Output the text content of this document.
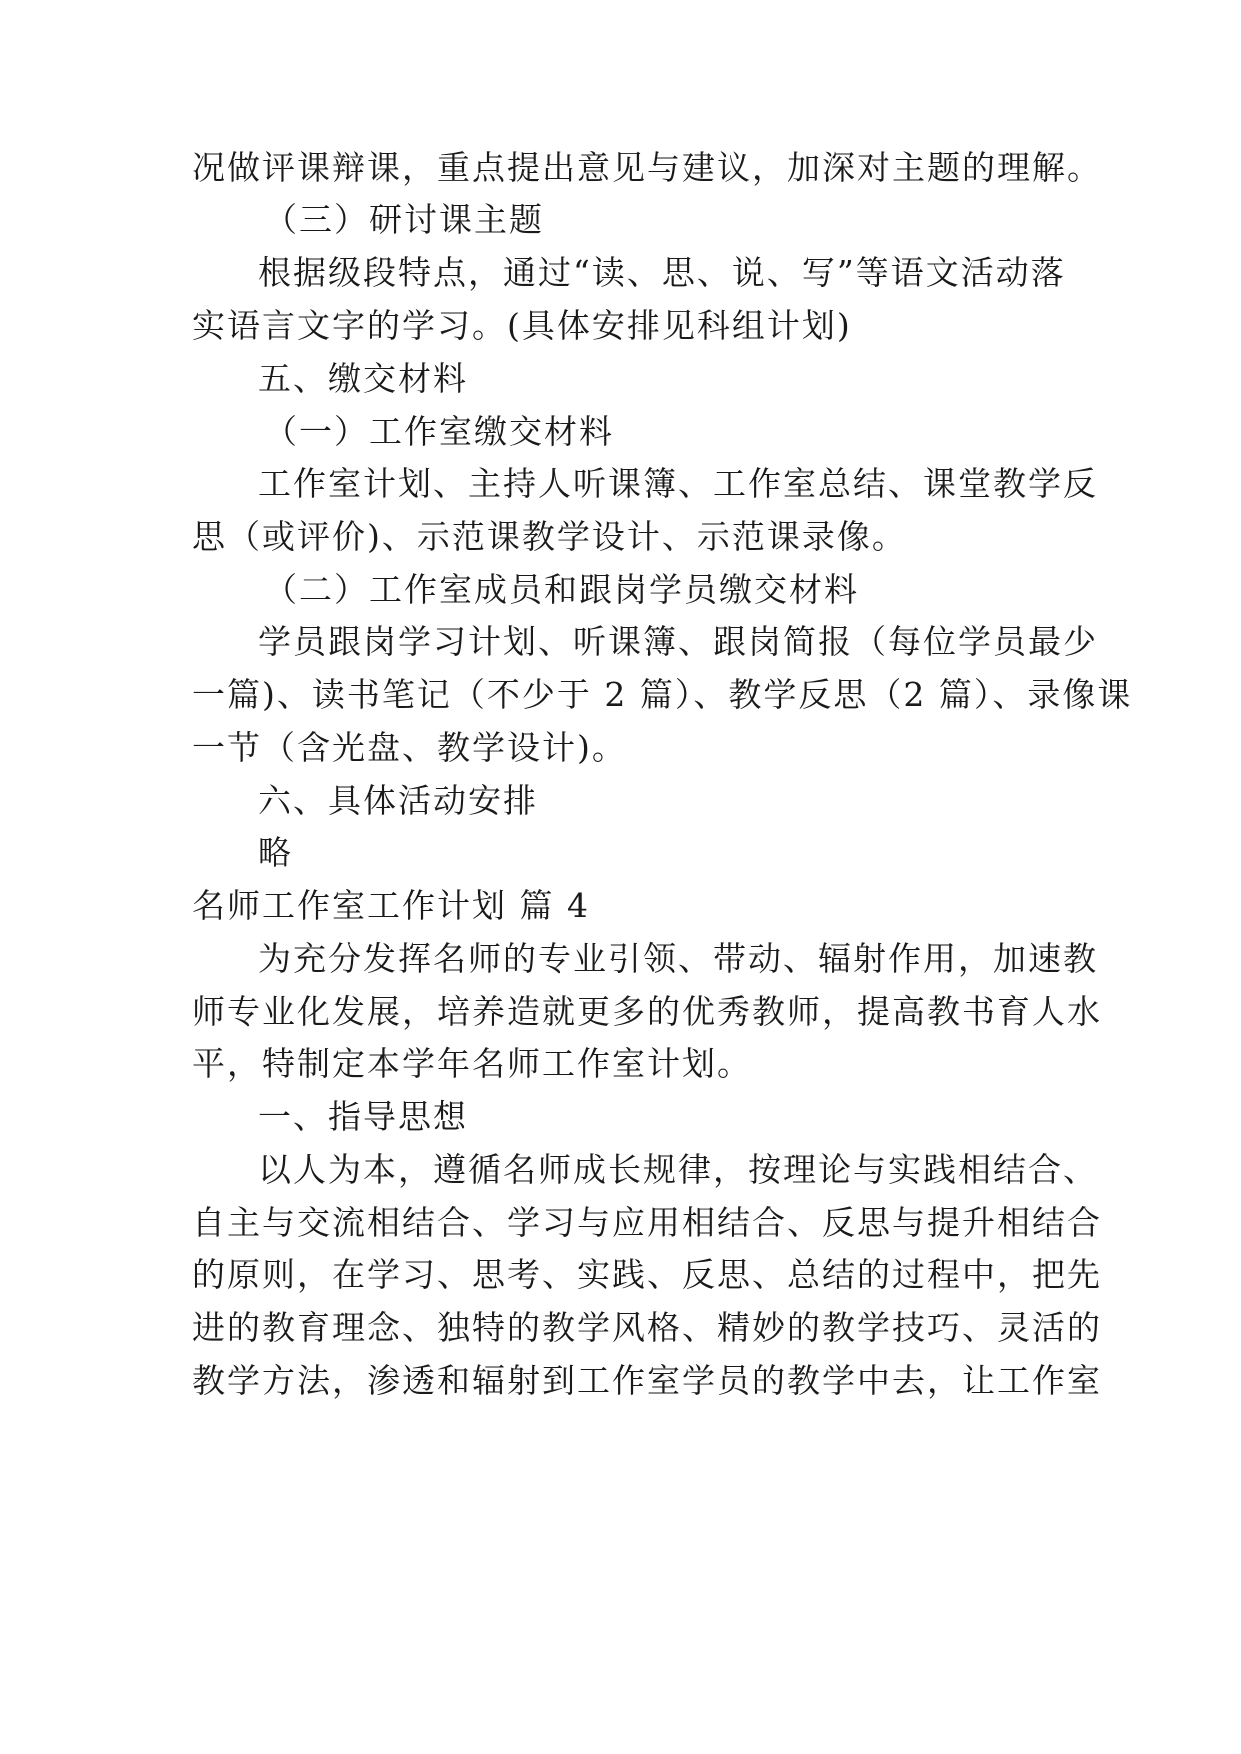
况做评课辩课，重点提出意见与建议，加深对主题的理解。
（三）研讨课主题
根据级段特点，通过“读、思、说、写”等语文活动落
实语言文字的学习。(具体安排见科组计划)
五、缴交材料
（一）工作室缴交材料
工作室计划、主持人听课簿、工作室总结、课堂教学反
思（或评价)、示范课教学设计、示范课录像。
（二）工作室成员和跟岗学员缴交材料
学员跟岗学习计划、听课簿、跟岗简报（每位学员最少
一篇)、读书笔记（不少于 2 篇）、教学反思（2 篇）、录像课
一节（含光盘、教学设计)。
六、具体活动安排
略
名师工作室工作计划 篇 4
为充分发挥名师的专业引领、带动、辐射作用，加速教
师专业化发展，培养造就更多的优秀教师，提高教书育人水
平，特制定本学年名师工作室计划。
一、指导思想
以人为本，遵循名师成长规律，按理论与实践相结合、
自主与交流相结合、学习与应用相结合、反思与提升相结合
的原则，在学习、思考、实践、反思、总结的过程中，把先
进的教育理念、独特的教学风格、精妙的教学技巧、灵活的
教学方法，渗透和辐射到工作室学员的教学中去，让工作室
